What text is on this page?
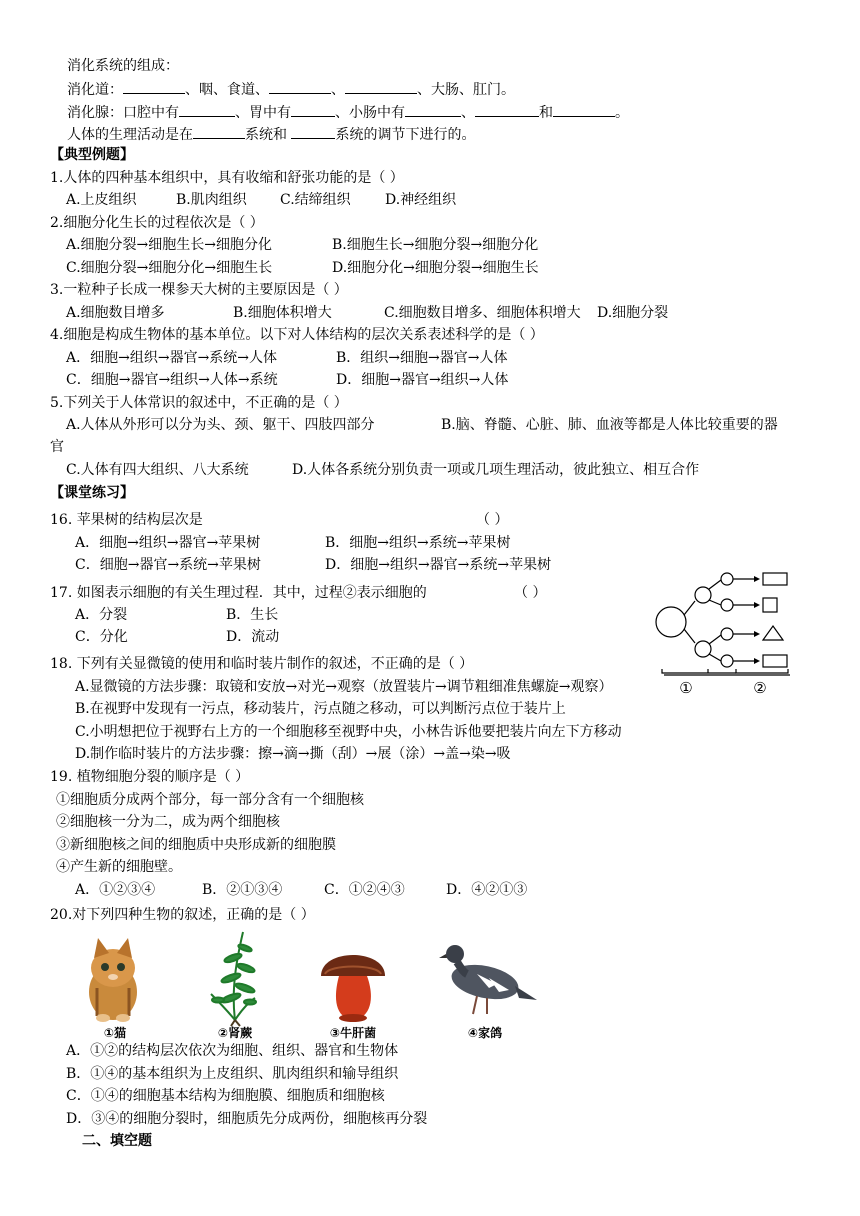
消化系统的组成：
消化道：	、咽、食道、	、	、大肠、肛门。
消化腺：口腔中有	、胃中有	、小肠中有	、	和	。
人体的生理活动是在	系统和	系统的调节下进行的。
【典型例题】
1.人体的四种基本组织中，具有收缩和舒张功能的是（ ）
A.上皮组织	B.肌肉组织 C.结缔组织 D.神经组织
2.细胞分化生长的过程依次是（ ）
A.细胞分裂→细胞生长→细胞分化	B.细胞生长→细胞分裂→细胞分化
C.细胞分裂→细胞分化→细胞生长	D.细胞分化→细胞分裂→细胞生长
3.一粒种子长成一棵参天大树的主要原因是（ ）
A.细胞数目增多	B.细胞体积增大	C.细胞数目增多、细胞体积增大 D.细胞分裂
4.细胞是构成生物体的基本单位。以下对人体结构的层次关系表述科学的是（ ）
A．细胞→组织→器官→系统→人体	B．组织→细胞→器官→人体
C．细胞→器官→组织→人体→系统	D．细胞→器官→组织→人体
5.下列关于人体常识的叙述中，不正确的是（ ）
A.人体从外形可以分为头、颈、躯干、四肢四部分	B.脑、脊髓、心脏、肺、血液等都是人体比较重要的器
官
C.人体有四大组织、八大系统	D.人体各系统分别负责一项或几项生理活动，彼此独立、相互合作
【课堂练习】
16. 苹果树的结构层次是	（ ）
A．细胞→组织→器官→苹果树	B．细胞→组织→系统→苹果树
C．细胞→器官→系统→苹果树	D．细胞→组织→器官→系统→苹果树
17. 如图表示细胞的有关生理过程．其中，过程②表示细胞的	（ ）
A．分裂	B．生长
C．分化	D．流动
①	②
18. 下列有关显微镜的使用和临时装片制作的叙述，不正确的是（ ）
A.显微镜的方法步骤：取镜和安放→对光→观察（放置装片→调节粗细准焦螺旋→观察）
B.在视野中发现有一污点，移动装片，污点随之移动，可以判断污点位于装片上
C.小明想把位于视野右上方的一个细胞移至视野中央，小林告诉他要把装片向左下方移动
D.制作临时装片的方法步骤：擦→滴→撕（刮）→展（涂）→盖→染→吸
19. 植物细胞分裂的顺序是（ ）
①细胞质分成两个部分，每一部分含有一个细胞核
②细胞核一分为二，成为两个细胞核
③新细胞核之间的细胞质中央形成新的细胞膜
④产生新的细胞壁。
A．①②③④	B．②①③④	C．①②④③	D．④②①③
20.对下列四种生物的叙述，正确的是（ ）
①猫	②肾蕨	③牛肝菌	④家鸽
A．①②的结构层次依次为细胞、组织、器官和生物体
B．①④的基本组织为上皮组织、肌肉组织和输导组织
C．①④的细胞基本结构为细胞膜、细胞质和细胞核
D．③④的细胞分裂时，细胞质先分成两份，细胞核再分裂
二、填空题
